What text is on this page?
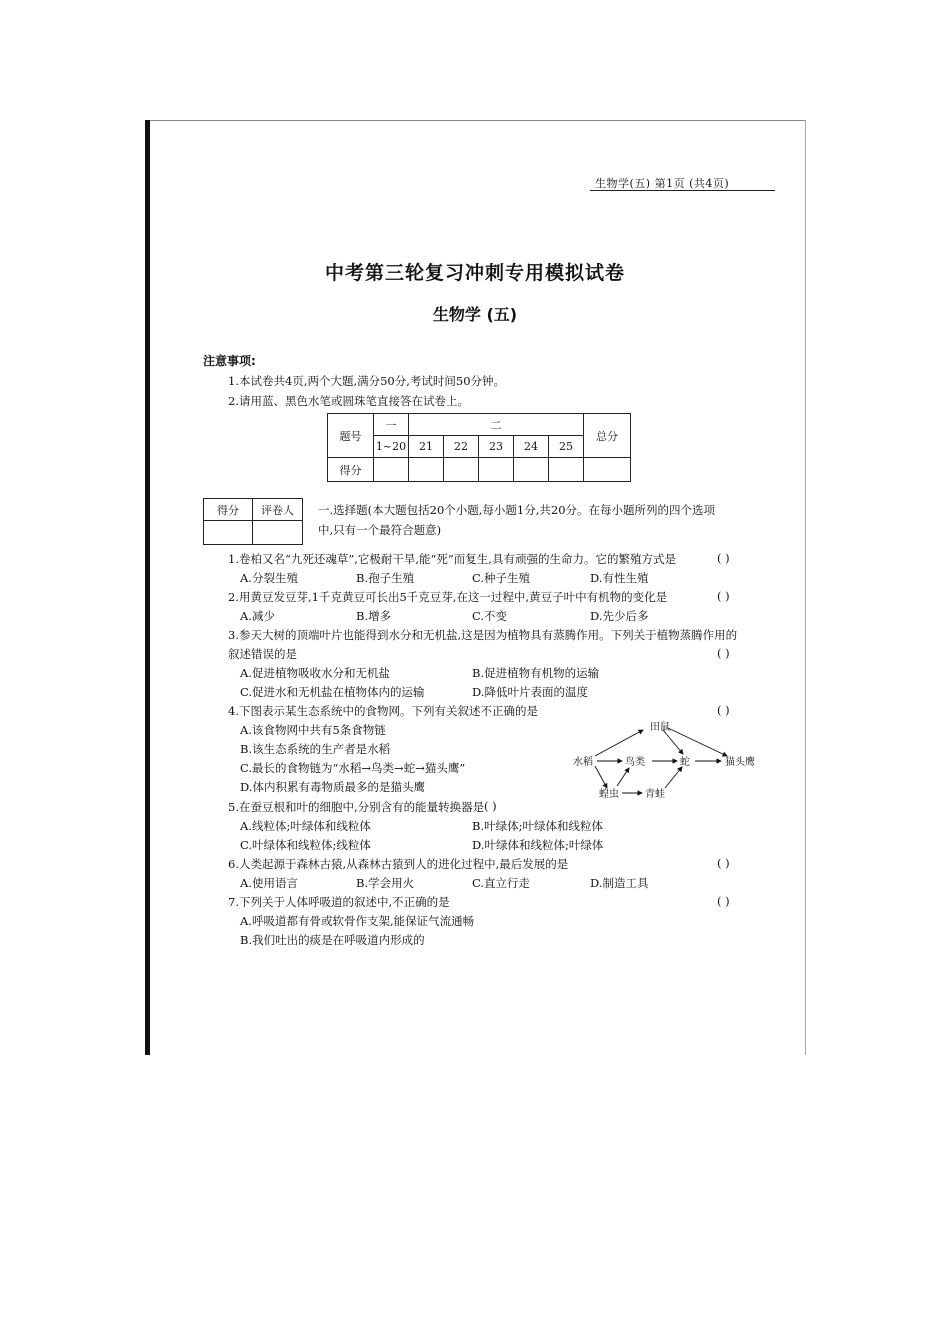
生物学(五) 第1页 (共4页)
中考第三轮复习冲刺专用模拟试卷
生物学 (五)
注意事项:
1.本试卷共4页,两个大题,满分50分,考试时间50分钟。
2.请用蓝、黑色水笔或圆珠笔直接答在试卷上。
题号	一	二					总分
	1~20	21	22	23	24	25	
得分							
得分	评卷人
	一.选择题(本大题包括20个小题,每小题1分,共20分。在每小题所列的四个选项
中,只有一个最符合题意)
1.卷柏又名“九死还魂草”,它极耐干旱,能“死”而复生,具有顽强的生命力。它的繁殖方式是	( )
A.分裂生殖	B.孢子生殖	C.种子生殖	D.有性生殖
2.用黄豆发豆芽,1千克黄豆可长出5千克豆芽,在这一过程中,黄豆子叶中有机物的变化是	( )
A.减少	B.增多	C.不变	D.先少后多
3.参天大树的顶端叶片也能得到水分和无机盐,这是因为植物具有蒸腾作用。下列关于植物蒸腾作用的
叙述错误的是	( )
A.促进植物吸收水分和无机盐	B.促进植物有机物的运输
C.促进水和无机盐在植物体内的运输	D.降低叶片表面的温度
4.下图表示某生态系统中的食物网。下列有关叙述不正确的是	( )
A.该食物网中共有5条食物链
B.该生态系统的生产者是水稻
C.最长的食物链为“水稻→鸟类→蛇→猫头鹰”
D.体内积累有毒物质最多的是猫头鹰
田鼠
水稻	鸟类	蛇	猫头鹰
蝗虫	青蛙
5.在蚕豆根和叶的细胞中,分别含有的能量转换器是 ( )
A.线粒体;叶绿体和线粒体	B.叶绿体;叶绿体和线粒体
C.叶绿体和线粒体;线粒体	D.叶绿体和线粒体;叶绿体
6.人类起源于森林古猿,从森林古猿到人的进化过程中,最后发展的是	( )
A.使用语言	B.学会用火	C.直立行走	D.制造工具
7.下列关于人体呼吸道的叙述中,不正确的是	( )
A.呼吸道都有骨或软骨作支架,能保证气流通畅
B.我们吐出的痰是在呼吸道内形成的
